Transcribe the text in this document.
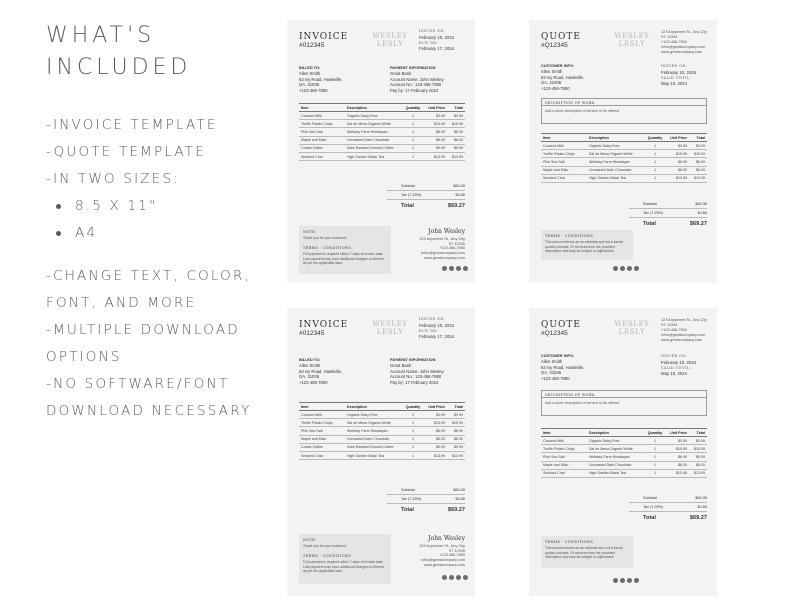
WHAT'S
INCLUDED
-INVOICE TEMPLATE
-QUOTE TEMPLATE
-IN TWO SIZES:
8.5 X 11"
A4
-CHANGE TEXT, COLOR,
FONT, AND MORE
-MULTIPLE DOWNLOAD
OPTIONS
-NO SOFTWARE/FONT
DOWNLOAD NECESSARY
INVOICE
#012345
WESLEY
LESLY
ISSUED ON:
February 10, 2024
DUE ON:
February 17, 2024
BILLED TO:
Allen Smith
63 Ivy Road, Hawkville,
GA, 31036
+123-456-7890
PAYMENT INFORMATION
Great Bank
Account Name: John Wesley
Account No.: 123-456-7890
Pay by: 17 February 2024
Item	Description	Quantity	Unit Price	Total
Coconut Milk	Organic Dairy-Free	1	$3.99	$3.99
Truffle Potato Chips	Sal de Mesa Organic White	1	$15.99	$15.99
Pink Sea Salt	Wellsley Farm Himalayan	1	$6.99	$6.99
Maple and Miso	Unroasted Dark Chocolate	1	$6.00	$6.00
Cuban Coffee	Dark Roasted Ground Coffee	1	$9.99	$9.99
Smoked Chai	High Garden Black Tea	1	$13.99	$13.99
Subtotal	$64.35
Tax (7.25%)	$4.66
Total	$69.27
NOTE:
Thank you for your business!
TERMS · CONDITIONS
Full payment is required within 7 days of invoice date. Late payment may incur additional charges or interest as per the applicable laws.
John Wesley
123 Anywhere St., Any City
ST 12345
+123-456-7890
hello@greatcompany.com
www.greatcompany.com
QUOTE
#Q12345
WESLEY
LESLY
123 Anywhere St., Any City
ST 12345
+123-456-7890
hello@greatcompany.com
www.greatcompany.com
CUSTOMER INFO:
Allen Smith
63 Ivy Road, Hawkville,
GA, 31036
+123-456-7890
ISSUED ON:
February 10, 2024
VALID UNTIL:
May 10, 2024
DESCRIPTION OF WORK:
Add a short description of service to be offered
Item	Description	Quantity	Unit Price	Total
Coconut Milk	Organic Dairy-Free	1	$3.99	$3.99
Truffle Potato Chips	Sal de Mesa Organic White	1	$15.99	$15.99
Pink Sea Salt	Wellsley Farm Himalayan	1	$6.99	$6.99
Maple and Miso	Unroasted Dark Chocolate	1	$6.00	$6.00
Smoked Chai	High Garden Black Tea	1	$13.99	$13.99
Subtotal	$64.35
Tax (7.25%)	$4.66
Total	$69.27
TERMS · CONDITIONS
This amount serves as an estimate and not a formal quoted contract. Or services from the provided information and may be subject to adjustment.
INVOICE
#012345
WESLEY
LESLY
ISSUED ON:
February 10, 2024
DUE ON:
February 17, 2024
BILLED TO:
Allen Smith
63 Ivy Road, Hawkville,
GA, 31036
+123-456-7890
PAYMENT INFORMATION
Great Bank
Account Name: John Wesley
Account No.: 123-456-7890
Pay by: 17 February 2024
Item	Description	Quantity	Unit Price	Total
Coconut Milk	Organic Dairy-Free	1	$3.99	$3.99
Truffle Potato Chips	Sal de Mesa Organic White	1	$15.99	$15.99
Pink Sea Salt	Wellsley Farm Himalayan	1	$6.99	$6.99
Maple and Miso	Unroasted Dark Chocolate	1	$6.00	$6.00
Cuban Coffee	Dark Roasted Ground Coffee	1	$9.99	$9.99
Smoked Chai	High Garden Black Tea	1	$13.99	$13.99
Subtotal	$64.35
Tax (7.25%)	$4.66
Total	$69.27
NOTE:
Thank you for your business!
TERMS · CONDITIONS
Full payment is required within 7 days of invoice date. Late payment may incur additional charges or interest as per the applicable laws.
John Wesley
123 Anywhere St., Any City
ST 12345
+123-456-7890
hello@greatcompany.com
www.greatcompany.com
QUOTE
#Q12345
WESLEY
LESLY
123 Anywhere St., Any City
ST 12345
+123-456-7890
hello@greatcompany.com
www.greatcompany.com
CUSTOMER INFO:
Allen Smith
63 Ivy Road, Hawkville,
GA, 31036
+123-456-7890
ISSUED ON:
February 10, 2024
VALID UNTIL:
May 10, 2024
DESCRIPTION OF WORK:
Add a short description of service to be offered
Item	Description	Quantity	Unit Price	Total
Coconut Milk	Organic Dairy-Free	1	$3.99	$3.99
Truffle Potato Chips	Sal de Mesa Organic White	1	$15.99	$15.99
Pink Sea Salt	Wellsley Farm Himalayan	1	$6.99	$6.99
Maple and Miso	Unroasted Dark Chocolate	1	$6.00	$6.00
Smoked Chai	High Garden Black Tea	1	$13.99	$13.99
Subtotal	$64.35
Tax (7.25%)	$4.66
Total	$69.27
TERMS · CONDITIONS
This amount serves as an estimate and not a formal quoted contract. Or services from the provided information and may be subject to adjustment.
